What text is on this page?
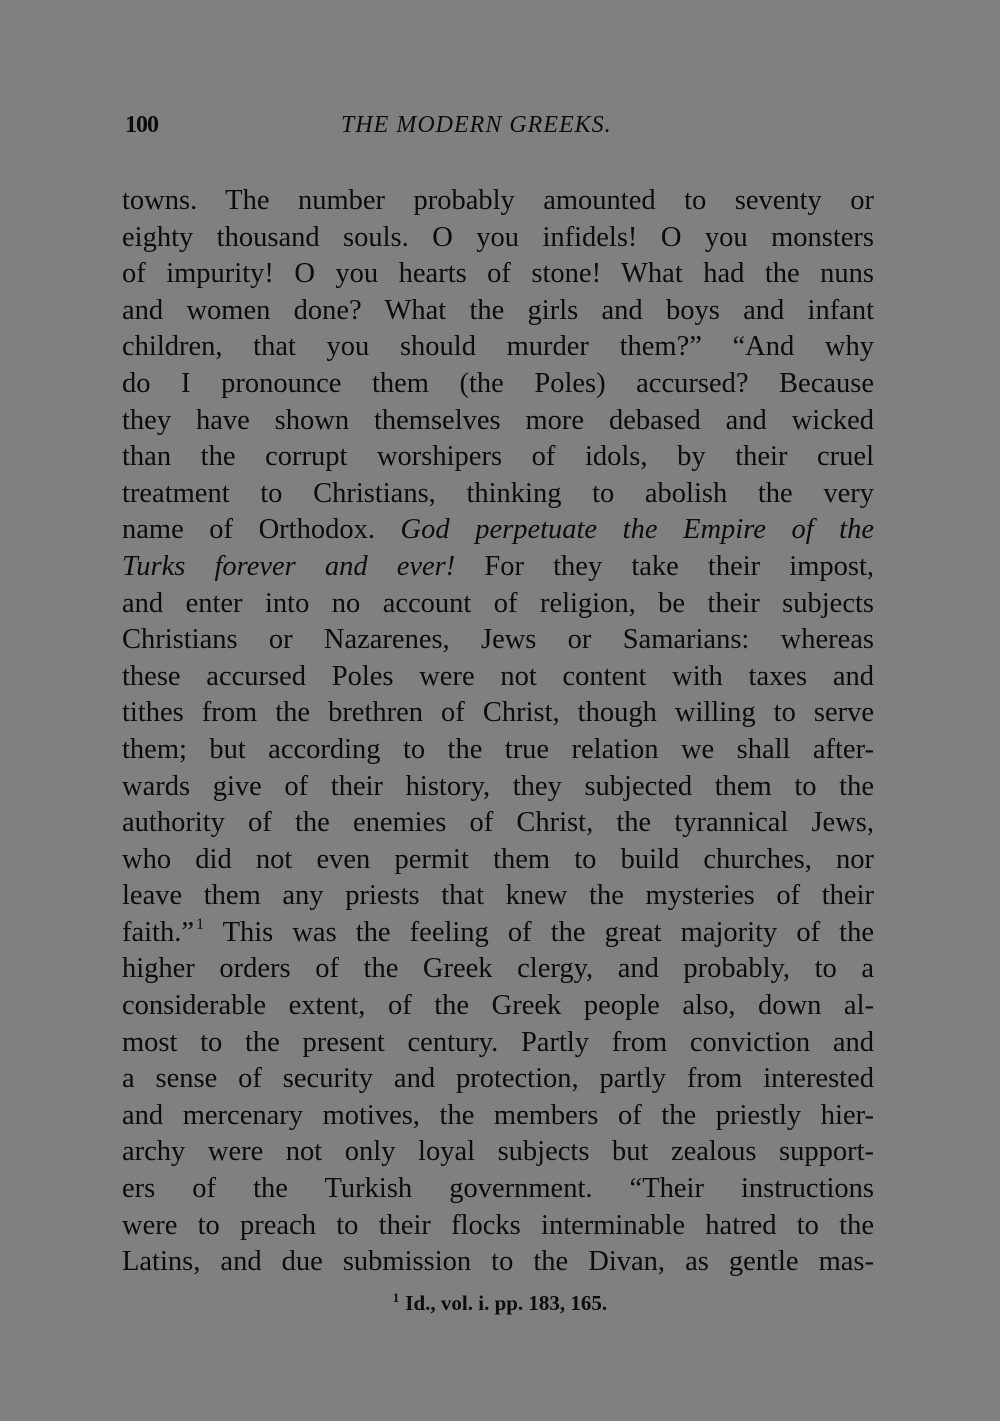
100	THE MODERN GREEKS.
towns. The number probably amounted to seventy or
eighty thousand souls. O you infidels! O you monsters
of impurity! O you hearts of stone! What had the nuns
and women done? What the girls and boys and infant
children, that you should murder them?” “And why
do I pronounce them (the Poles) accursed? Because
they have shown themselves more debased and wicked
than the corrupt worshipers of idols, by their cruel
treatment to Christians, thinking to abolish the very
name of Orthodox. God perpetuate the Empire of the
Turks forever and ever! For they take their impost,
and enter into no account of religion, be their subjects
Christians or Nazarenes, Jews or Samarians: whereas
these accursed Poles were not content with taxes and
tithes from the brethren of Christ, though willing to serve
them; but according to the true relation we shall after-
wards give of their history, they subjected them to the
authority of the enemies of Christ, the tyrannical Jews,
who did not even permit them to build churches, nor
leave them any priests that knew the mysteries of their
faith.” $^1$ This was the feeling of the great majority of the
higher orders of the Greek clergy, and probably, to a
considerable extent, of the Greek people also, down al-
most to the present century. Partly from conviction and
a sense of security and protection, partly from interested
and mercenary motives, the members of the priestly hier-
archy were not only loyal subjects but zealous support-
ers of the Turkish government. “Their instructions
were to preach to their flocks interminable hatred to the
Latins, and due submission to the Divan, as gentle mas-
$^1$ Id., vol. i. pp. 183, 165.
